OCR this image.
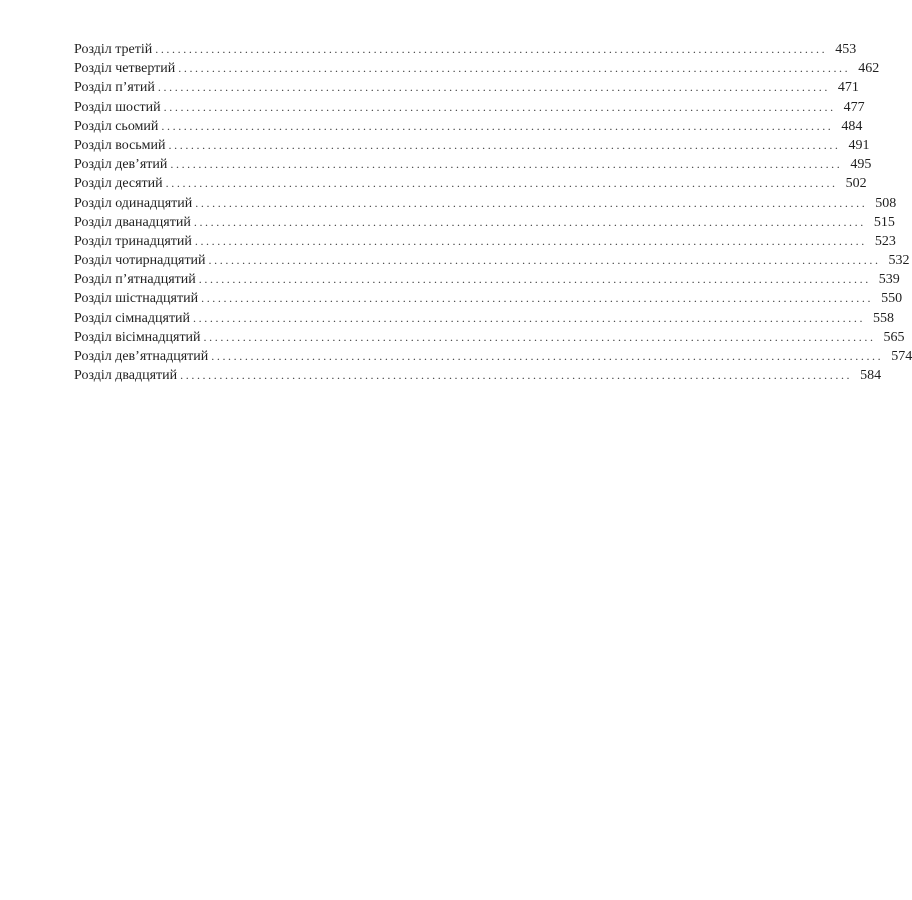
Розділ третій ........................................................................................................................ 453
Розділ четвертий ........................................................................................................................ 462
Розділ п’ятий ........................................................................................................................ 471
Розділ шостий ........................................................................................................................ 477
Розділ сьомий ........................................................................................................................ 484
Розділ восьмий ........................................................................................................................ 491
Розділ дев’ятий ........................................................................................................................ 495
Розділ десятий ........................................................................................................................ 502
Розділ одинадцятий ........................................................................................................................ 508
Розділ дванадцятий ........................................................................................................................ 515
Розділ тринадцятий ........................................................................................................................ 523
Розділ чотирнадцятий ........................................................................................................................ 532
Розділ п’ятнадцятий ........................................................................................................................ 539
Розділ шістнадцятий ........................................................................................................................ 550
Розділ сімнадцятий ........................................................................................................................ 558
Розділ вісімнадцятий ........................................................................................................................ 565
Розділ дев’ятнадцятий ........................................................................................................................ 574
Розділ двадцятий ........................................................................................................................ 584
